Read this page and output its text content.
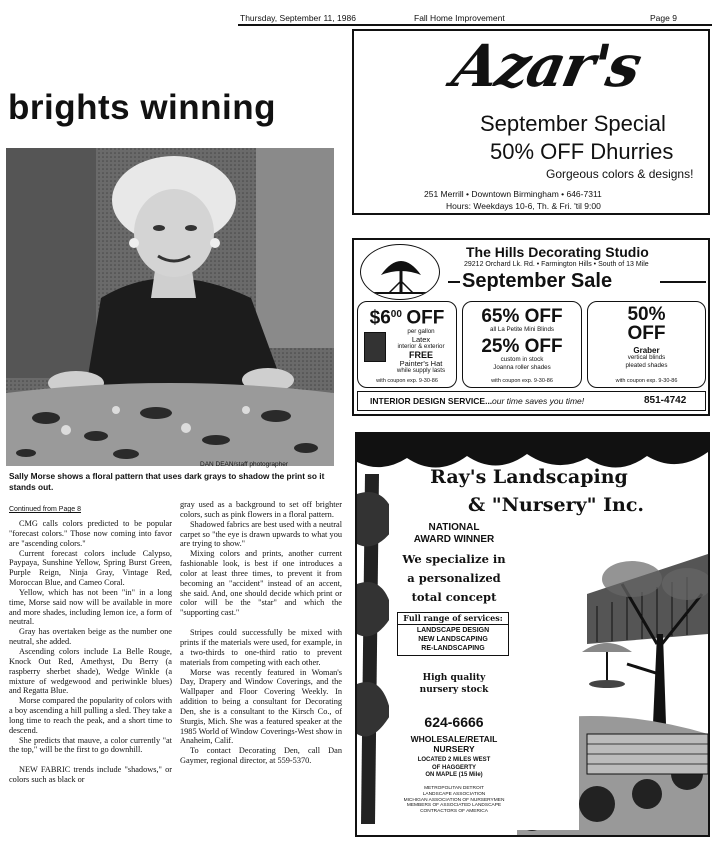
Thursday, September 11, 1986	Fall Home Improvement	Page 9
brights winning
DAN DEAN/staff photographer
Sally Morse shows a floral pattern that uses dark grays to shadow the print so it stands out.
Continued from Page 8

CMG calls colors predicted to be popular "forecast colors." Those now coming into favor are "ascending colors."

Current forecast colors include Calypso, Paypaya, Sunshine Yellow, Spring Burst Green, Purple Reign, Ninja Gray, Vintage Red, Moroccan Blue, and Cameo Coral.

Yellow, which has not been "in" in a long time, Morse said now will be available in more and more shades, including lemon ice, a form of neutral.

Gray has overtaken beige as the number one neutral, she added.

Ascending colors include La Belle Rouge, Knock Out Red, Amethyst, Du Berry (a raspberry sherbet shade), Wedge Winkle (a mixture of wedgewood and periwinkle blues) and Regatta Blue.

Morse compared the popularity of colors with a boy ascending a hill pulling a sled. They take a long time to reach the peak, and a short time to descend.

She predicts that mauve, a color currently "at the top," will be the first to go downhill.

NEW FABRIC trends include "shadows," or colors such as black or

gray used as a background to set off brighter colors, such as pink flowers in a floral pattern.

Shadowed fabrics are best used with a neutral carpet so "the eye is drawn upwards to what you are trying to show."

Mixing colors and prints, another current fashionable look, is best if one introduces a color at least three times, to prevent it from becoming an "accident" instead of an accent, she said. And, one should decide which print or color will be the "star" and which the "supporting cast."

Stripes could successfully be mixed with prints if the materials were used, for example, in a two-thirds to one-third ratio to prevent materials from competing with each other.

Morse was recently featured in Woman's Day, Drapery and Window Coverings, and the Wallpaper and Floor Covering Weekly. In addition to being a consultant for Decorating Den, she is a consultant to the Kirsch Co., of Sturgis, Mich. She was a featured speaker at the 1985 World of Window Coverings-West show in Anaheim, Calif.

To contact Decorating Den, call Dan Gaymer, regional director, at 559-5370.

Azar's
September Special
50% OFF Dhurries
Gorgeous colors & designs!
251 Merrill • Downtown Birmingham • 646-7311
Hours: Weekdays 10-6, Th. & Fri. 'til 9:00
The Hills Decorating Studio
29212 Orchard Lk. Rd. • Farmington Hills • South of 13 Mile
September Sale
$\$6^{00}$ OFF
per gallon
Latex
interior & exterior
FREE
Painter's Hat
while supply lasts
with coupon exp. 9-30-86
65% OFF
all La Petite Mini Blinds
25% OFF
custom in stock
Joanna roller shades
with coupon exp. 9-30-86
50%
OFF
Graber
vertical blinds
pleated shades
with coupon exp. 9-30-86
INTERIOR DESIGN SERVICE... our time saves you time!	851-4742
Ray's Landscaping
& "Nursery" Inc.
NATIONAL
AWARD WINNER
We specialize in
a personalized
total concept
Full range of services:
LANDSCAPE DESIGN
NEW LANDSCAPING
RE-LANDSCAPING
High quality
nursery stock
624-6666
WHOLESALE/RETAIL
NURSERY
LOCATED 2 MILES WEST
OF HAGGERTY
ON MAPLE (15 Mile)
METROPOLITAN DETROIT
LANDSCAPE ASSOCIATION
MICHIGAN ASSOCIATION OF NURSERYMEN
MEMBERS OF ASSOCIATED LANDSCAPE
CONTRACTORS OF AMERICA
